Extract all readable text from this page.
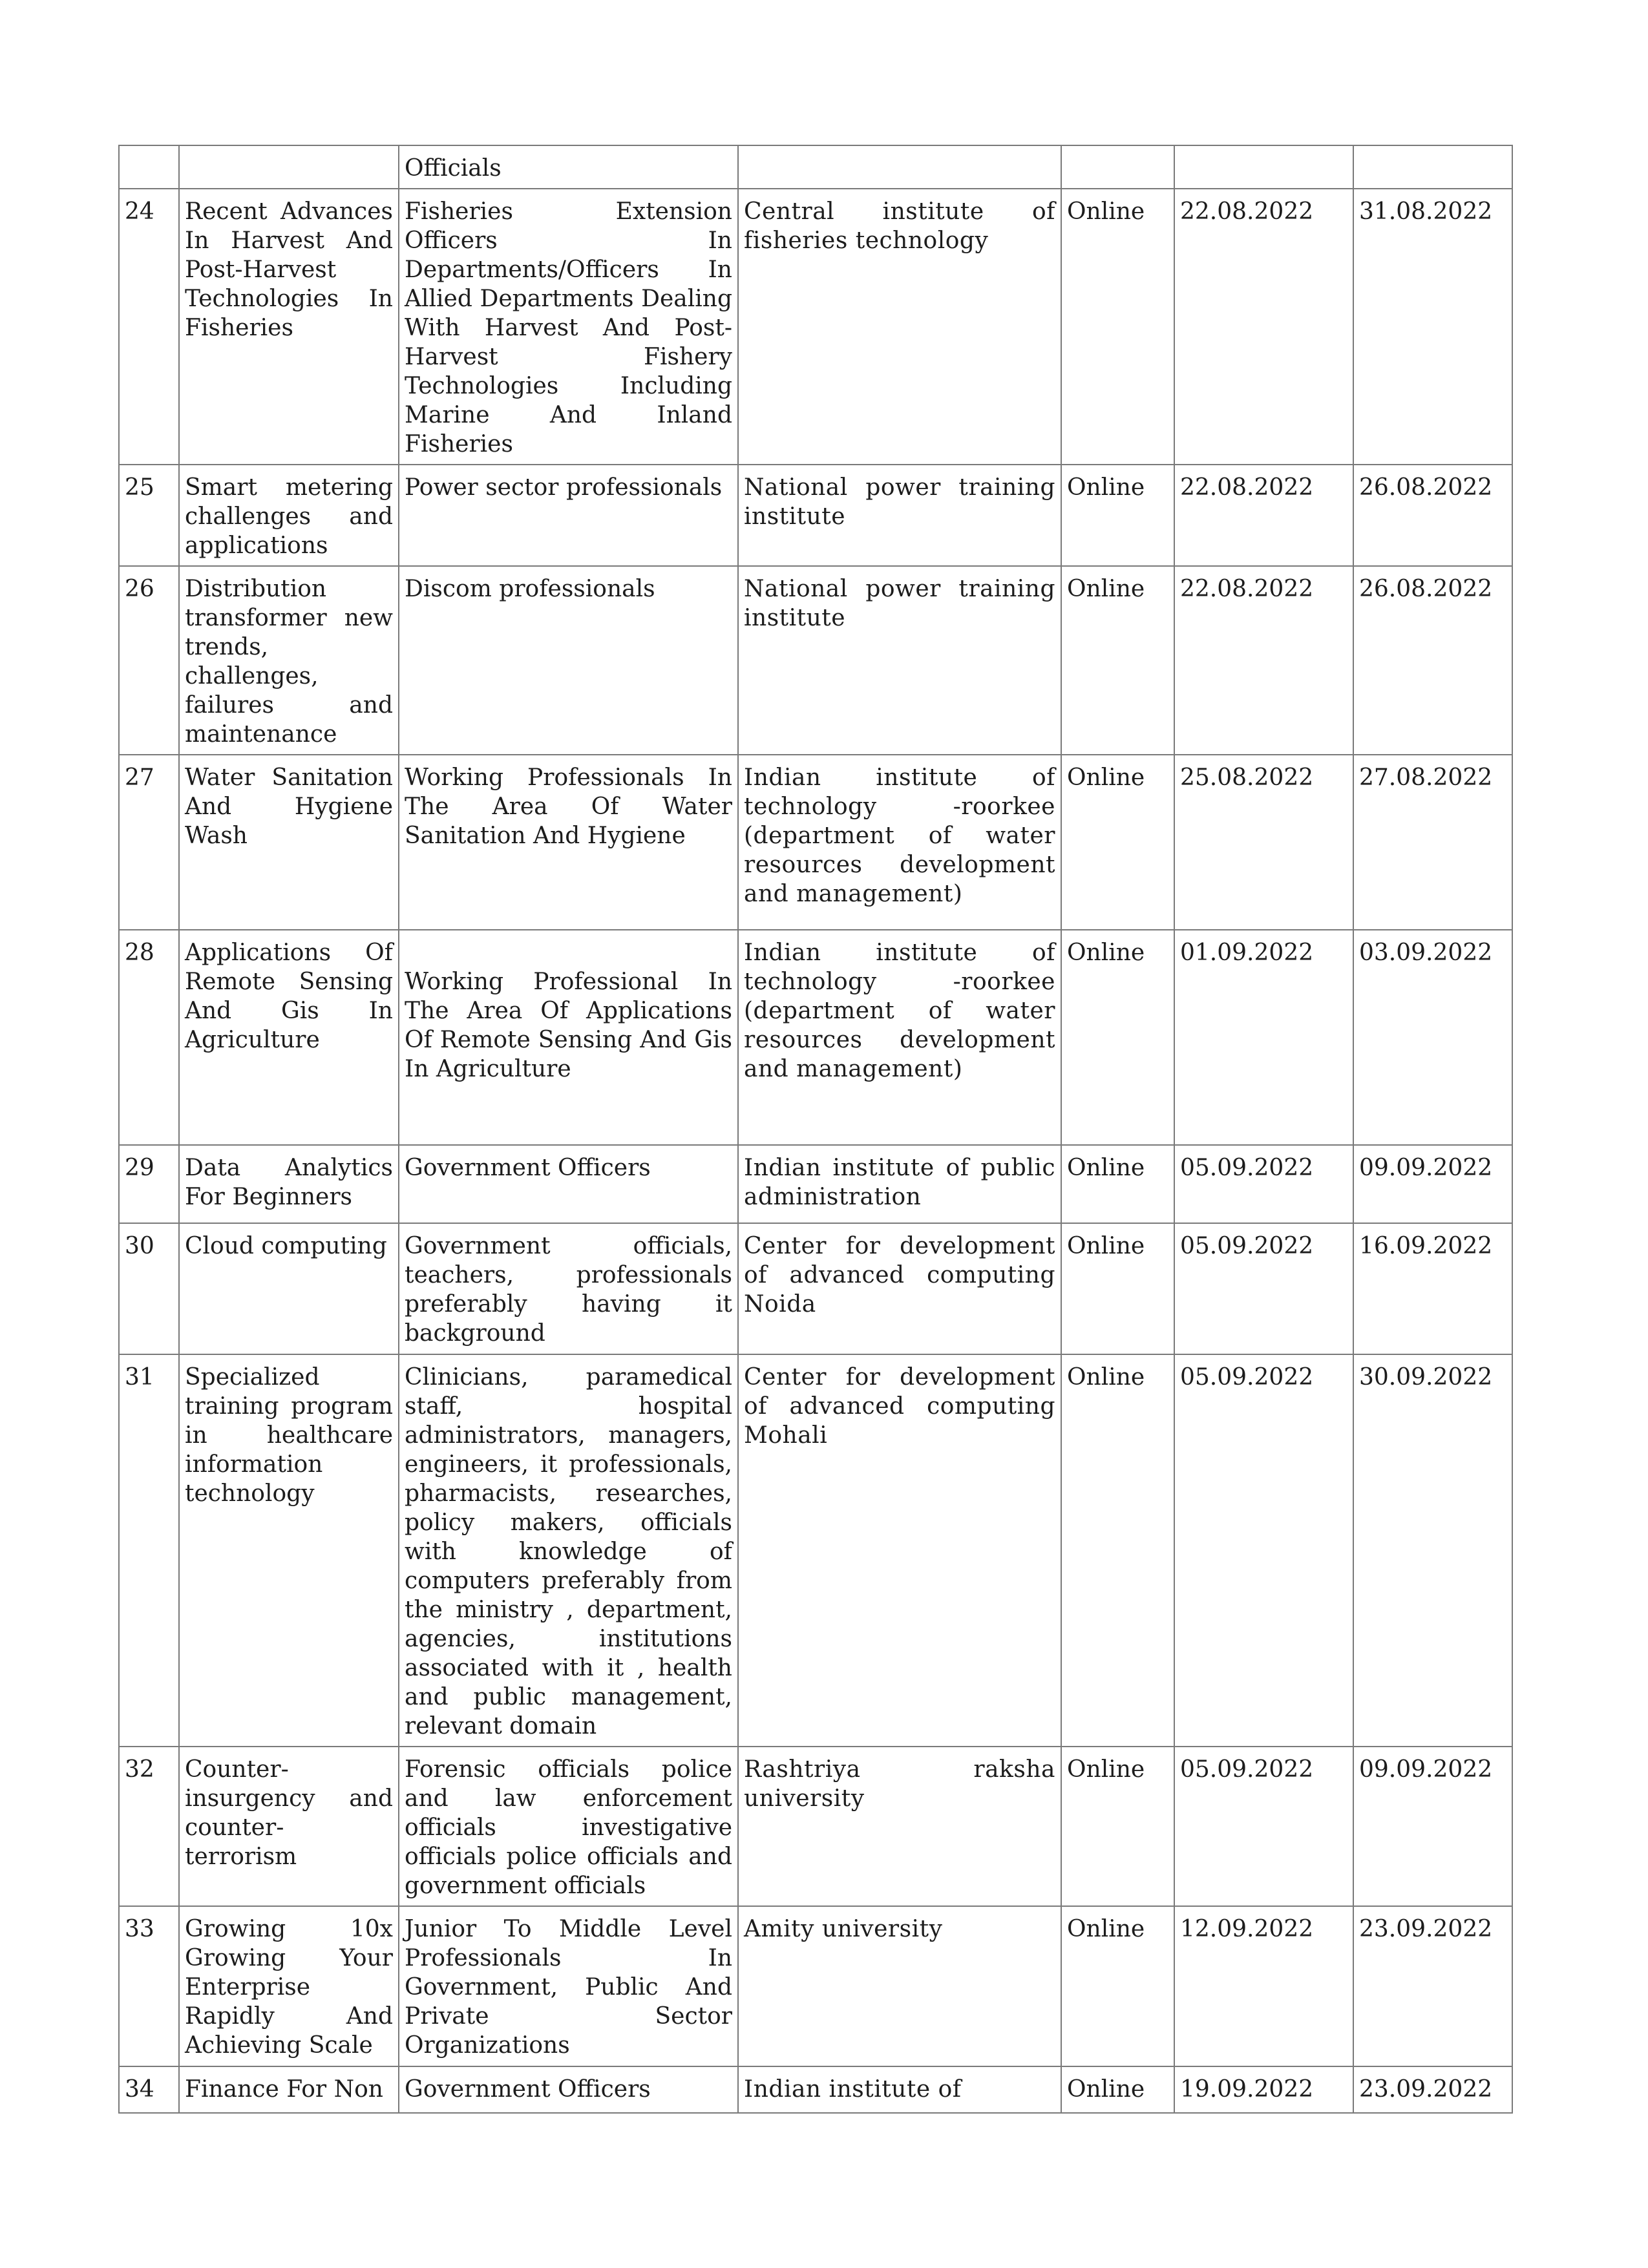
		Officials				
24	Recent Advances In Harvest And Post-Harvest Technologies In Fisheries	Fisheries Extension Officers In Departments/Officers In Allied Departments Dealing With Harvest And Post-Harvest Fishery Technologies Including Marine And Inland Fisheries	Central institute of fisheries technology	Online	22.08.2022	31.08.2022
25	Smart metering challenges and applications	Power sector professionals	National power training institute	Online	22.08.2022	26.08.2022
26	Distribution transformer new trends, challenges, failures and maintenance	Discom professionals	National power training institute	Online	22.08.2022	26.08.2022
27	Water Sanitation And Hygiene Wash	Working Professionals In The Area Of Water Sanitation And Hygiene	Indian institute of technology -roorkee (department of water resources development and management)	Online	25.08.2022	27.08.2022
28	Applications Of Remote Sensing And Gis In Agriculture	Working Professional In The Area Of Applications Of Remote Sensing And Gis In Agriculture	Indian institute of technology -roorkee (department of water resources development and management)	Online	01.09.2022	03.09.2022
29	Data Analytics For Beginners	Government Officers	Indian institute of public administration	Online	05.09.2022	09.09.2022
30	Cloud computing	Government officials, teachers, professionals preferably having it background	Center for development of advanced computing Noida	Online	05.09.2022	16.09.2022
31	Specialized training program in healthcare information technology	Clinicians, paramedical staff, hospital administrators, managers, engineers, it professionals, pharmacists, researches, policy makers, officials with knowledge of computers preferably from the ministry , department, agencies, institutions associated with it , health and public management, relevant domain	Center for development of advanced computing Mohali	Online	05.09.2022	30.09.2022
32	Counter-insurgency and counter-terrorism	Forensic officials police and law enforcement officials investigative officials police officials and government officials	Rashtriya raksha university	Online	05.09.2022	09.09.2022
33	Growing 10x Growing Your Enterprise Rapidly And Achieving Scale	Junior To Middle Level Professionals In Government, Public And Private Sector Organizations	Amity university	Online	12.09.2022	23.09.2022
34	Finance For Non	Government Officers	Indian institute of	Online	19.09.2022	23.09.2022
